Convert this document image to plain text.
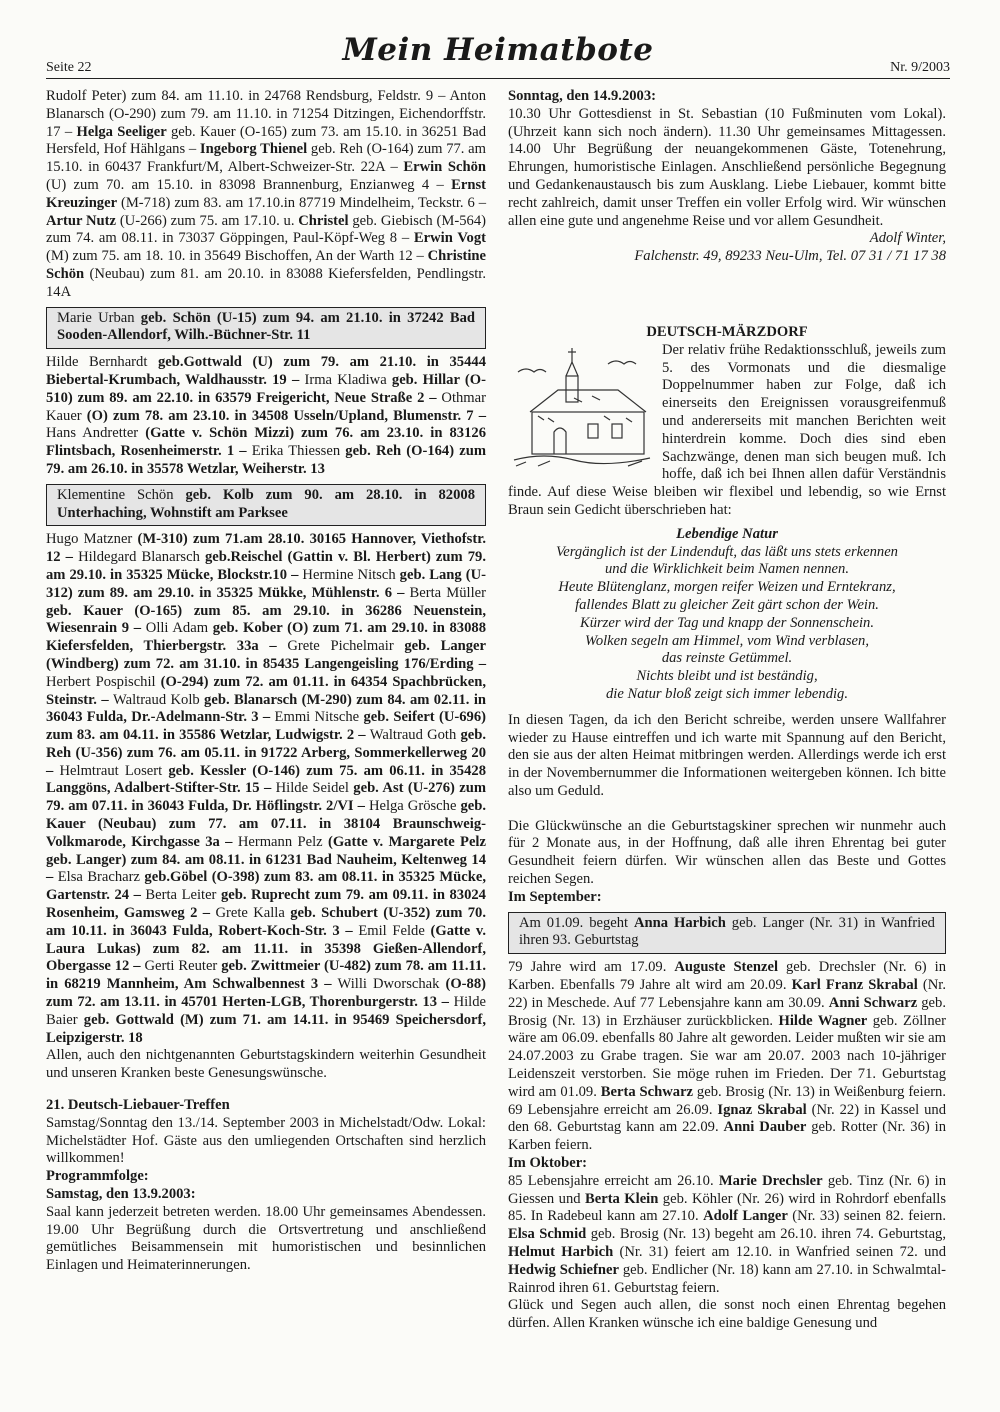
Seite 22	Mein Heimatbote	Nr. 9/2003

Rudolf Peter) zum 84. am 11.10. in 24768 Rendsburg, Feldstr. 9 – Anton Blanarsch (O-290) zum 79. am 11.10. in 71254 Ditzingen, Eichendorffstr. 17 – Helga Seeliger geb. Kauer (O-165) zum 73. am 15.10. in 36251 Bad Hersfeld, Hof Hählgans – Ingeborg Thienel geb. Reh (O-164) zum 77. am 15.10. in 60437 Frankfurt/M, Albert-Schweizer-Str. 22A – Erwin Schön (U) zum 70. am 15.10. in 83098 Brannenburg, Enzianweg 4 – Ernst Kreuzinger (M-718) zum 83. am 17.10.in 87719 Mindelheim, Teckstr. 6 – Artur Nutz (U-266) zum 75. am 17.10. u. Christel geb. Giebisch (M-564) zum 74. am 08.11. in 73037 Göppingen, Paul-Köpf-Weg 8 – Erwin Vogt (M) zum 75. am 18. 10. in 35649 Bischoffen, An der Warth 12 – Christine Schön (Neubau) zum 81. am 20.10. in 83088 Kiefersfelden, Pendlingstr. 14A

Marie Urban geb. Schön (U-15) zum 94. am 21.10. in 37242 Bad Sooden-Allendorf, Wilh.-Büchner-Str. 11

Hilde Bernhardt geb.Gottwald (U) zum 79. am 21.10. in 35444 Biebertal-Krumbach, Waldhausstr. 19 – Irma Kladiwa geb. Hillar (O-510) zum 89. am 22.10. in 63579 Freigericht, Neue Straße 2 – Othmar Kauer (O) zum 78. am 23.10. in 34508 Usseln/Upland, Blumenstr. 7 – Hans Andretter (Gatte v. Schön Mizzi) zum 76. am 23.10. in 83126 Flintsbach, Rosenheimerstr. 1 – Erika Thiessen geb. Reh (O-164) zum 79. am 26.10. in 35578 Wetzlar, Weiherstr. 13

Klementine Schön geb. Kolb zum 90. am 28.10. in 82008 Unterhaching, Wohnstift am Parksee

Hugo Matzner (M-310) zum 71.am 28.10. 30165 Hannover, Viethofstr. 12 – Hildegard Blanarsch geb.Reischel (Gattin v. Bl. Herbert) zum 79. am 29.10. in 35325 Mücke, Blockstr.10 – Hermine Nitsch geb. Lang (U-312) zum 89. am 29.10. in 35325 Mükke, Mühlenstr. 6 – Berta Müller geb. Kauer (O-165) zum 85. am 29.10. in 36286 Neuenstein, Wiesenrain 9 – Olli Adam geb. Kober (O) zum 71. am 29.10. in 83088 Kiefersfelden, Thierbergstr. 33a – Grete Pichelmair geb. Langer (Windberg) zum 72. am 31.10. in 85435 Langengeisling 176/Erding – Herbert Pospischil (O-294) zum 72. am 01.11. in 64354 Spachbrücken, Steinstr. – Waltraud Kolb geb. Blanarsch (M-290) zum 84. am 02.11. in 36043 Fulda, Dr.-Adelmann-Str. 3 – Emmi Nitsche geb. Seifert (U-696) zum 83. am 04.11. in 35586 Wetzlar, Ludwigstr. 2 – Waltraud Goth geb. Reh (U-356) zum 76. am 05.11. in 91722 Arberg, Sommerkellerweg 20 – Helmtraut Losert geb. Kessler (O-146) zum 75. am 06.11. in 35428 Langgöns, Adalbert-Stifter-Str. 15 – Hilde Seidel geb. Ast (U-276) zum 79. am 07.11. in 36043 Fulda, Dr. Höflingstr. 2/VI – Helga Grösche geb. Kauer (Neubau) zum 77. am 07.11. in 38104 Braunschweig-Volkmarode, Kirchgasse 3a – Hermann Pelz (Gatte v. Margarete Pelz geb. Langer) zum 84. am 08.11. in 61231 Bad Nauheim, Keltenweg 14 – Elsa Bracharz geb.Göbel (O-398) zum 83. am 08.11. in 35325 Mücke, Gartenstr. 24 – Berta Leiter geb. Ruprecht zum 79. am 09.11. in 83024 Rosenheim, Gamsweg 2 – Grete Kalla geb. Schubert (U-352) zum 70. am 10.11. in 36043 Fulda, Robert-Koch-Str. 3 – Emil Felde (Gatte v. Laura Lukas) zum 82. am 11.11. in 35398 Gießen-Allendorf, Obergasse 12 – Gerti Reuter geb. Zwittmeier (U-482) zum 78. am 11.11. in 68219 Mannheim, Am Schwalbennest 3 – Willi Dworschak (O-88) zum 72. am 13.11. in 45701 Herten-LGB, Thorenburgerstr. 13 – Hilde Baier geb. Gottwald (M) zum 71. am 14.11. in 95469 Speichersdorf, Leipzigerstr. 18

Allen, auch den nichtgenannten Geburtstagskindern weiterhin Gesundheit und unseren Kranken beste Genesungswünsche.

21. Deutsch-Liebauer-Treffen

Samstag/Sonntag den 13./14. September 2003 in Michelstadt/Odw. Lokal: Michelstädter Hof. Gäste aus den umliegenden Ortschaften sind herzlich willkommen!

Programmfolge:

Samstag, den 13.9.2003:

Saal kann jederzeit betreten werden. 18.00 Uhr gemeinsames Abendessen. 19.00 Uhr Begrüßung durch die Ortsvertretung und anschließend gemütliches Beisammensein mit humoristischen und besinnlichen Einlagen und Heimaterinnerungen.

Sonntag, den 14.9.2003:

10.30 Uhr Gottesdienst in St. Sebastian (10 Fußminuten vom Lokal). (Uhrzeit kann sich noch ändern). 11.30 Uhr gemeinsames Mittagessen. 14.00 Uhr Begrüßung der neuangekommenen Gäste, Totenehrung, Ehrungen, humoristische Einlagen. Anschließend persönliche Begegnung und Gedankenaustausch bis zum Ausklang. Liebe Liebauer, kommt bitte recht zahlreich, damit unser Treffen ein voller Erfolg wird. Wir wünschen allen eine gute und angenehme Reise und vor allem Gesundheit.

Adolf Winter,

Falchenstr. 49, 89233 Neu-Ulm, Tel. 07 31 / 71 17 38

DEUTSCH-MÄRZDORF

Der relativ frühe Redaktionsschluß, jeweils zum 5. des Vormonats und die diesmalige Doppelnummer haben zur Folge, daß ich einerseits den Ereignissen vorausgreifenmuß und andererseits mit manchen Berichten weit hinterdrein komme. Doch dies sind eben Sachzwänge, denen man sich beugen muß. Ich hoffe, daß ich bei Ihnen allen dafür Verständnis finde. Auf diese Weise bleiben wir flexibel und lebendig, so wie Ernst Braun sein Gedicht überschrieben hat:

Lebendige Natur
Vergänglich ist der Lindenduft, das läßt uns stets erkennen
und die Wirklichkeit beim Namen nennen.
Heute Blütenglanz, morgen reifer Weizen und Erntekranz,
fallendes Blatt zu gleicher Zeit gärt schon der Wein.
Kürzer wird der Tag und knapp der Sonnenschein.
Wolken segeln am Himmel, vom Wind verblasen,
das reinste Getümmel.
Nichts bleibt und ist beständig,
die Natur bloß zeigt sich immer lebendig.

In diesen Tagen, da ich den Bericht schreibe, werden unsere Wallfahrer wieder zu Hause eintreffen und ich warte mit Spannung auf den Bericht, den sie aus der alten Heimat mitbringen werden. Allerdings werde ich erst in der Novembernummer die Informationen weitergeben können. Ich bitte also um Geduld.

Die Glückwünsche an die Geburtstagskiner sprechen wir nunmehr auch für 2 Monate aus, in der Hoffnung, daß alle ihren Ehrentag bei guter Gesundheit feiern dürfen. Wir wünschen allen das Beste und Gottes reichen Segen.

Im September:

Am 01.09. begeht Anna Harbich geb. Langer (Nr. 31) in Wanfried ihren 93. Geburtstag

79 Jahre wird am 17.09. Auguste Stenzel geb. Drechsler (Nr. 6) in Karben. Ebenfalls 79 Jahre alt wird am 20.09. Karl Franz Skrabal (Nr. 22) in Meschede. Auf 77 Lebensjahre kann am 30.09. Anni Schwarz geb. Brosig (Nr. 13) in Erzhäuser zurückblicken. Hilde Wagner geb. Zöllner wäre am 06.09. ebenfalls 80 Jahre alt geworden. Leider mußten wir sie am 24.07.2003 zu Grabe tragen. Sie war am 20.07. 2003 nach 10-jähriger Leidenszeit verstorben. Sie möge ruhen im Frieden. Der 71. Geburtstag wird am 01.09. Berta Schwarz geb. Brosig (Nr. 13) in Weißenburg feiern. 69 Lebensjahre erreicht am 26.09. Ignaz Skrabal (Nr. 22) in Kassel und den 68. Geburtstag kann am 22.09. Anni Dauber geb. Rotter (Nr. 36) in Karben feiern.

Im Oktober:

85 Lebensjahre erreicht am 26.10. Marie Drechsler geb. Tinz (Nr. 6) in Giessen und Berta Klein geb. Köhler (Nr. 26) wird in Rohrdorf ebenfalls 85. In Radebeul kann am 27.10. Adolf Langer (Nr. 33) seinen 82. feiern. Elsa Schmid geb. Brosig (Nr. 13) begeht am 26.10. ihren 74. Geburtstag, Helmut Harbich (Nr. 31) feiert am 12.10. in Wanfried seinen 72. und Hedwig Schiefner geb. Endlicher (Nr. 18) kann am 27.10. in Schwalmtal-Rainrod ihren 61. Geburtstag feiern.

Glück und Segen auch allen, die sonst noch einen Ehrentag begehen dürfen. Allen Kranken wünsche ich eine baldige Genesung und
